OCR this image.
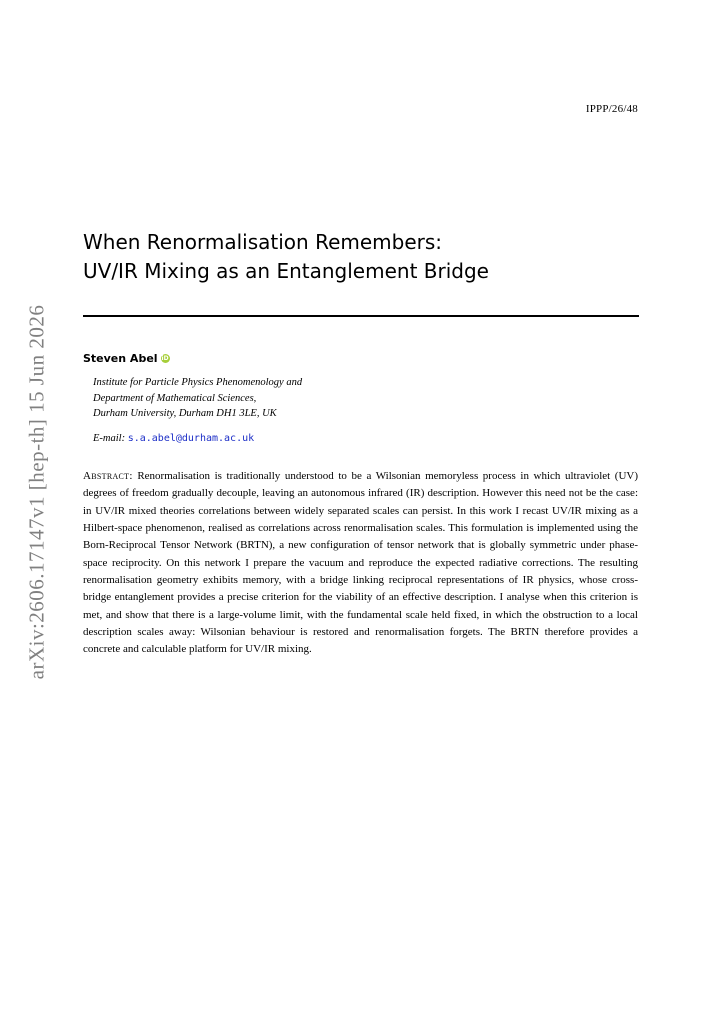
IPPP/26/48
arXiv:2606.17147v1 [hep-th] 15 Jun 2026
When Renormalisation Remembers:
UV/IR Mixing as an Entanglement Bridge
Steven Abel iD
Institute for Particle Physics Phenomenology and
Department of Mathematical Sciences,
Durham University, Durham DH1 3LE, UK
E-mail: s.a.abel@durham.ac.uk
Abstract: Renormalisation is traditionally understood to be a Wilsonian memoryless process in which ultraviolet (UV) degrees of freedom gradually decouple, leaving an autonomous infrared (IR) description. However this need not be the case: in UV/IR mixed theories correlations between widely separated scales can persist. In this work I recast UV/IR mixing as a Hilbert-space phenomenon, realised as correlations across renormalisation scales. This formulation is implemented using the Born-Reciprocal Tensor Network (BRTN), a new configuration of tensor network that is globally symmetric under phase-space reciprocity. On this network I prepare the vacuum and reproduce the expected radiative corrections. The resulting renormalisation geometry exhibits memory, with a bridge linking reciprocal representations of IR physics, whose cross-bridge entanglement provides a precise criterion for the viability of an effective description. I analyse when this criterion is met, and show that there is a large-volume limit, with the fundamental scale held fixed, in which the obstruction to a local description scales away: Wilsonian behaviour is restored and renormalisation forgets. The BRTN therefore provides a concrete and calculable platform for UV/IR mixing.
